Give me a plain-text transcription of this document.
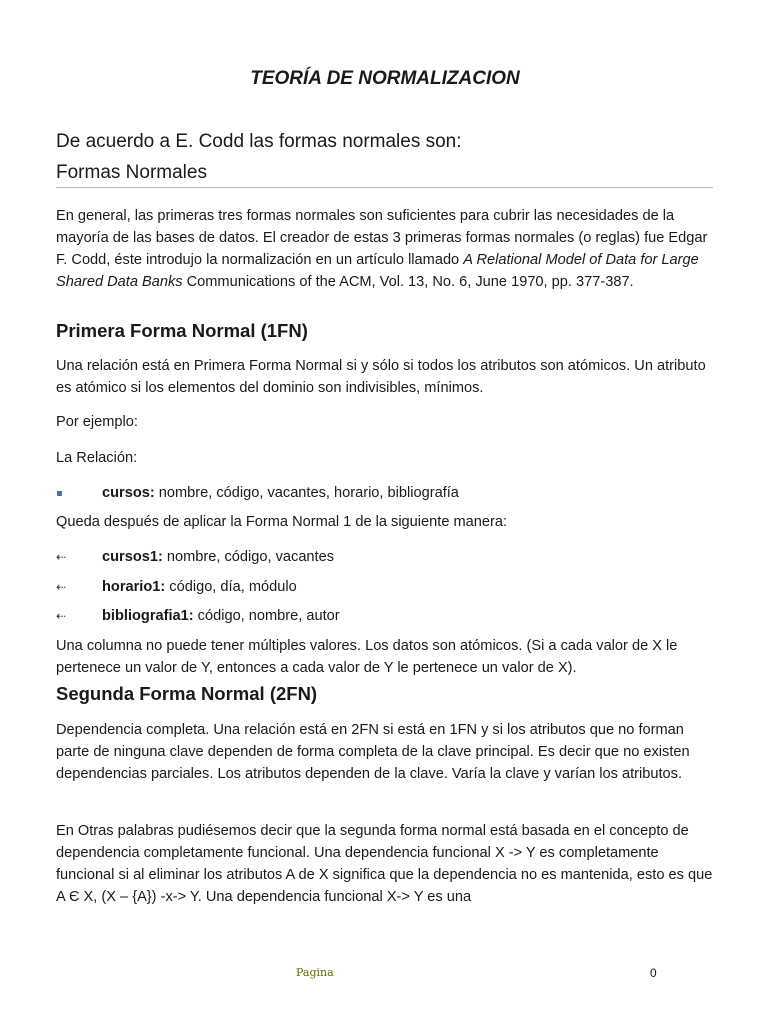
TEORÍA DE NORMALIZACION

De acuerdo a E. Codd las formas normales son:

Formas Normales

En general, las primeras tres formas normales son suficientes para cubrir las necesidades de la mayoría de las bases de datos. El creador de estas 3 primeras formas normales (o reglas) fue Edgar F. Codd, éste introdujo la normalización en un artículo llamado A Relational Model of Data for Large Shared Data Banks Communications of the ACM, Vol. 13, No. 6, June 1970, pp. 377-387.

Primera Forma Normal (1FN)

Una relación está en Primera Forma Normal si y sólo si todos los atributos son atómicos. Un atributo es atómico si los elementos del dominio son indivisibles, mínimos.

Por ejemplo:

La Relación:

cursos: nombre, código, vacantes, horario, bibliografía

Queda después de aplicar la Forma Normal 1 de la siguiente manera:

⇠	cursos1: nombre, código, vacantes
⇠	horario1: código, día, módulo
⇠	bibliografia1: código, nombre, autor

Una columna no puede tener múltiples valores. Los datos son atómicos. (Si a cada valor de X le pertenece un valor de Y, entonces a cada valor de Y le pertenece un valor de X).

Segunda Forma Normal (2FN)

Dependencia completa. Una relación está en 2FN si está en 1FN y si los atributos que no forman parte de ninguna clave dependen de forma completa de la clave principal. Es decir que no existen dependencias parciales. Los atributos dependen de la clave. Varía la clave y varían los atributos.

En Otras palabras pudiésemos decir que la segunda forma normal está basada en el concepto de dependencia completamente funcional. Una dependencia funcional X -> Y es completamente funcional si al eliminar los atributos A de X significa que la dependencia no es mantenida, esto es que A Є X, (X – {A}) -x-> Y. Una dependencia funcional X-> Y es una

Pagina	0
